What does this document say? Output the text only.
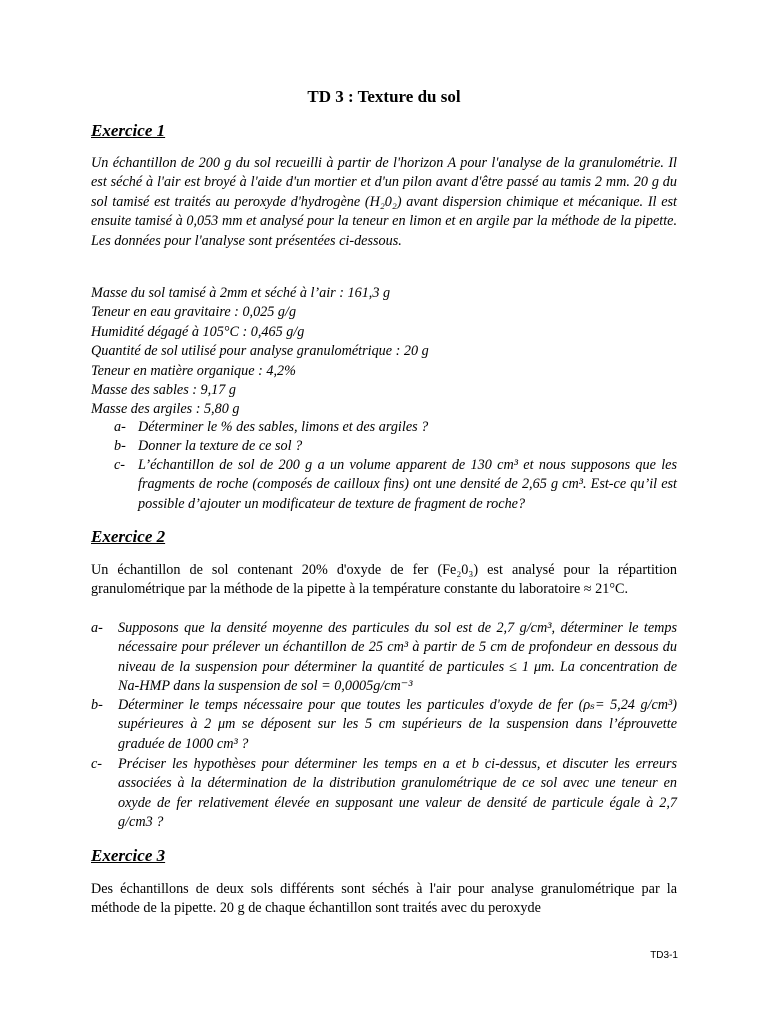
TD 3 : Texture du sol
Exercice 1

Un échantillon de 200 g du sol recueilli à partir de l'horizon A pour l'analyse de la granulométrie. Il est séché à l'air est broyé à l'aide d'un mortier et d'un pilon avant d'être passé au tamis 2 mm. 20 g du sol tamisé est traités au peroxyde d'hydrogène (H₂0₂) avant dispersion chimique et mécanique. Il est ensuite tamisé à 0,053 mm et analysé pour la teneur en limon et en argile par la méthode de la pipette. Les données pour l'analyse sont présentées ci-dessous.

Masse du sol tamisé à 2mm et séché à l’air : 161,3 g
Teneur en eau gravitaire : 0,025 g/g
Humidité dégagé à 105°C : 0,465 g/g
Quantité de sol utilisé pour analyse granulométrique : 20 g
Teneur en matière organique : 4,2%
Masse des sables : 9,17 g
Masse des argiles : 5,80 g
a- Déterminer le % des sables, limons et des argiles ?
b- Donner la texture de ce sol ?
c- L’échantillon de sol de 200 g a un volume apparent de 130 cm³ et nous supposons que les fragments de roche (composés de cailloux fins) ont une densité de 2,65 g cm³. Est-ce qu’il est possible d’ajouter un modificateur de texture de fragment de roche?
Exercice 2

Un échantillon de sol contenant 20% d'oxyde de fer (Fe₂0₃) est analysé pour la répartition granulométrique par la méthode de la pipette à la température constante du laboratoire ≈ 21°C.

a- Supposons que la densité moyenne des particules du sol est de 2,7 g/cm³, déterminer le temps nécessaire pour prélever un échantillon de 25 cm³ à partir de 5 cm de profondeur en dessous du niveau de la suspension pour déterminer la quantité de particules ≤ 1 μm. La concentration de Na-HMP dans la suspension de sol = 0,0005g/cm⁻³
b- Déterminer le temps nécessaire pour que toutes les particules d'oxyde de fer (ρₛ= 5,24 g/cm³) supérieures à 2 μm se déposent sur les 5 cm supérieurs de la suspension dans l’éprouvette graduée de 1000 cm³ ?
c- Préciser les hypothèses pour déterminer les temps en a et b ci-dessus, et discuter les erreurs associées à la détermination de la distribution granulométrique de ce sol avec une teneur en oxyde de fer relativement élevée en supposant une valeur de densité de particule égale à 2,7 g/cm3 ?
Exercice 3

Des échantillons de deux sols différents sont séchés à l'air pour analyse granulométrique par la méthode de la pipette. 20 g de chaque échantillon sont traités avec du peroxyde

TD3-1
